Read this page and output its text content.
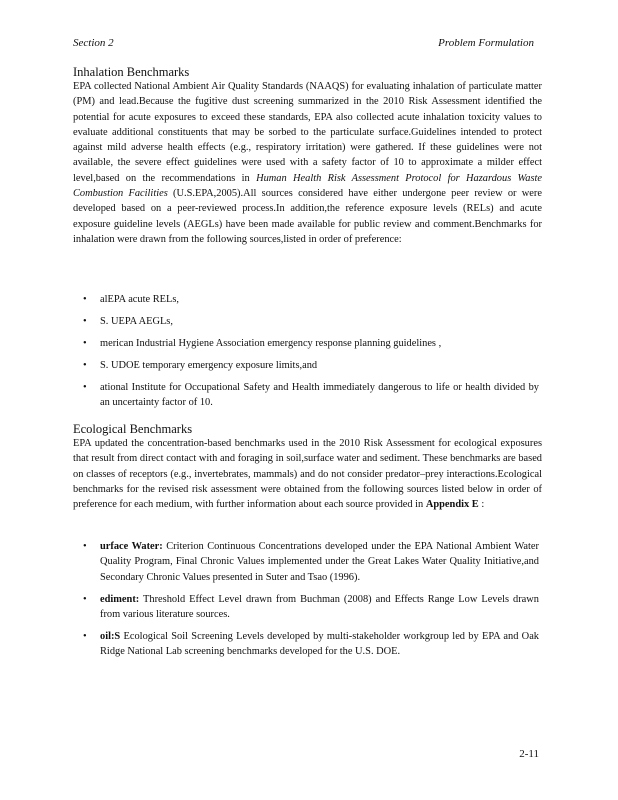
Section 2	Problem Formulation
Inhalation Benchmarks
EPA collected National Ambient Air Quality Standards (NAAQS) for evaluating inhalation of particulate matter (PM) and lead.Because the fugitive dust screening summarized in the 2010 Risk Assessment identified the potential for acute exposures to exceed these standards, EPA also collected acute inhalation toxicity values to evaluate additional constituents that may be sorbed to the particulate surface.Guidelines intended to protect against mild adverse health effects (e.g., respiratory irritation) were gathered. If these guidelines were not available, the severe effect guidelines were used with a safety factor of 10 to approximate a milder effect level,based on the recommendations in Human Health Risk Assessment Protocol for Hazardous Waste Combustion Facilities (U.S.EPA,2005).All sources considered have either undergone peer review or were developed based on a peer-reviewed process.In addition,the reference exposure levels (RELs) and acute exposure guideline levels (AEGLs) have been made available for public review and comment.Benchmarks for inhalation were drawn from the following sources,listed in order of preference:
• alEPA acute RELs,
• S. UEPA AEGLs,
• merican Industrial Hygiene Association emergency response planning guidelines ,
• S. UDOE temporary emergency exposure limits,and
• ational Institute for Occupational Safety and Health immediately dangerous to life or health divided by an uncertainty factor of 10.
Ecological Benchmarks
EPA updated the concentration-based benchmarks used in the 2010 Risk Assessment for ecological exposures that result from direct contact with and foraging in soil,surface water and sediment. These benchmarks are based on classes of receptors (e.g., invertebrates, mammals) and do not consider predator–prey interactions.Ecological benchmarks for the revised risk assessment were obtained from the following sources listed below in order of preference for each medium, with further information about each source provided in Appendix E :
• urface Water: Criterion Continuous Concentrations developed under the EPA National Ambient Water Quality Program, Final Chronic Values implemented under the Great Lakes Water Quality Initiative,and Secondary Chronic Values presented in Suter and Tsao (1996).
• ediment: Threshold Effect Level drawn from Buchman (2008) and Effects Range Low Levels drawn from various literature sources.
• oil:S Ecological Soil Screening Levels developed by multi-stakeholder workgroup led by EPA and Oak Ridge National Lab screening benchmarks developed for the U.S. DOE.
2-11
